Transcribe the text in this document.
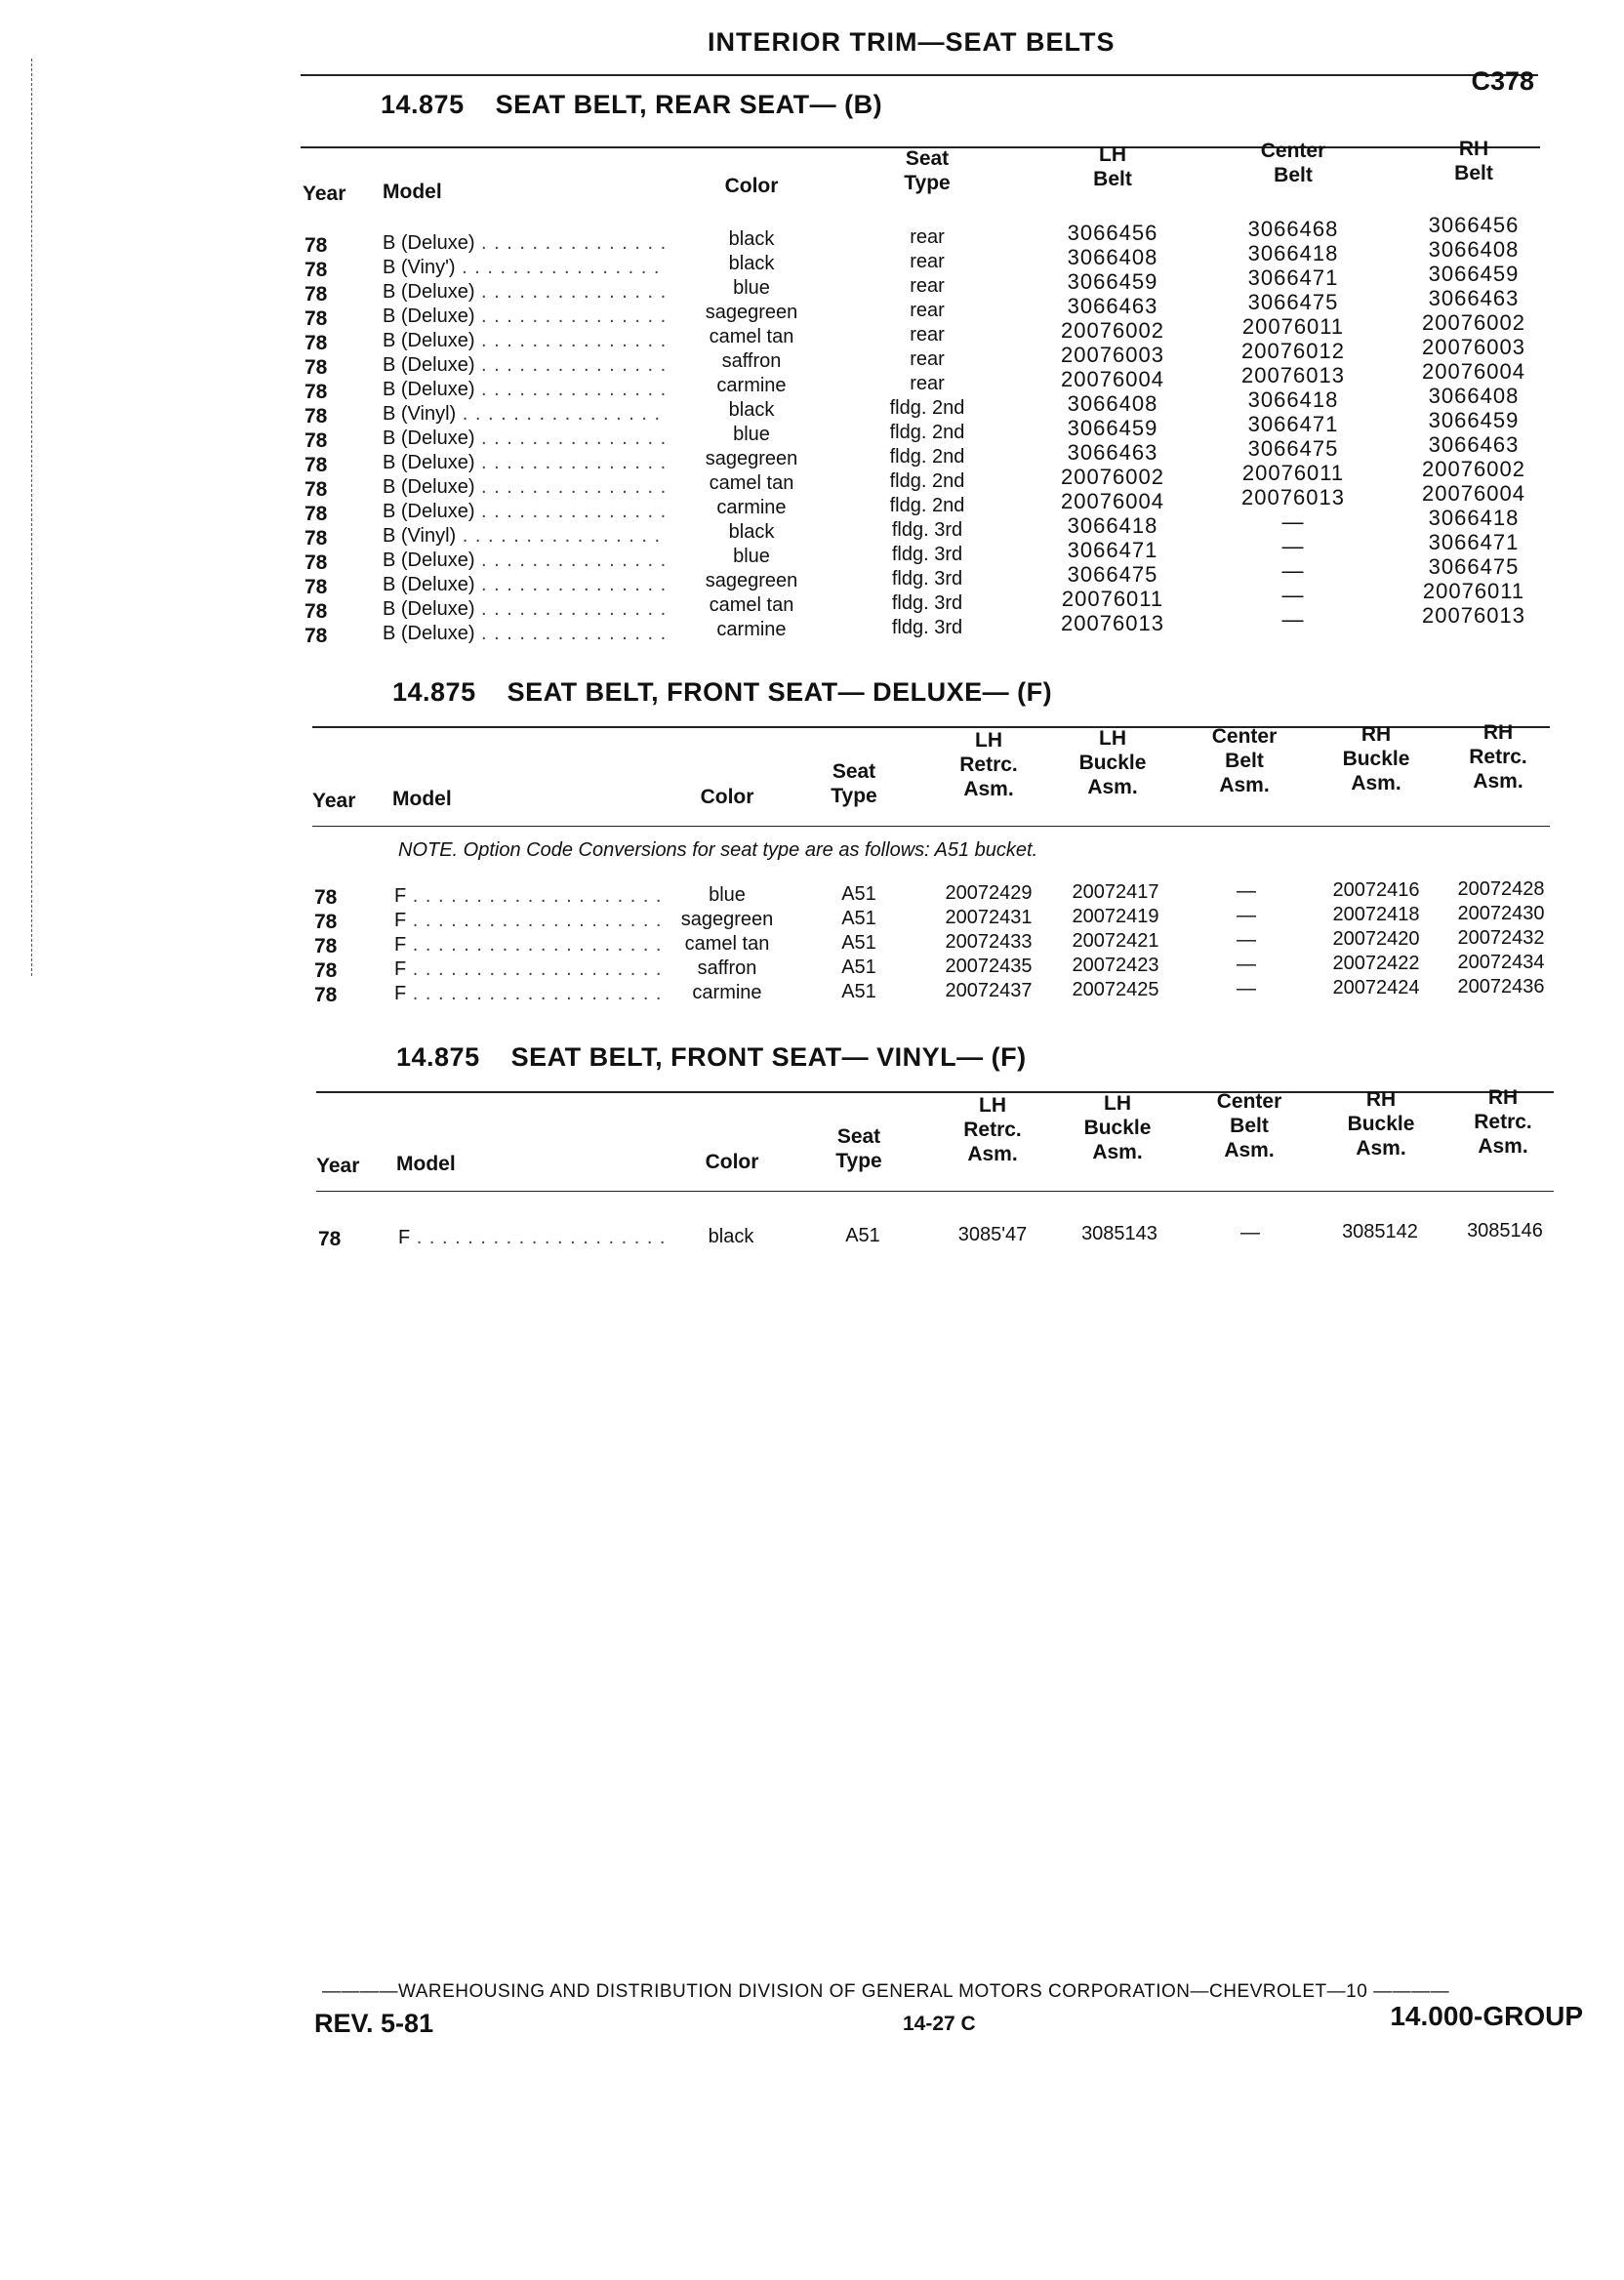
INTERIOR TRIM—SEAT BELTS
C378
14.875 SEAT BELT, REAR SEAT— (B)
Year Model	Color
Seat
Type
LH
Belt
Center
Belt
RH
Belt
78	B (Deluxe) . . .	black	rear	3066456	3066468	3066456
78	B (Viny') . . .	black	rear	3066408	3066418	3066408
78	B (Deluxe) . . .	blue	rear	3066459	3066471	3066459
78	B (Deluxe) . . .	sagegreen	rear	3066463	3066475	3066463
78	B (Deluxe) . . .	camel tan	rear	20076002	20076011	20076002
78	B (Deluxe) . . .	saffron	rear	20076003	20076012	20076003
78	B (Deluxe) . . .	carmine	rear	20076004	20076013	20076004
78	B (Vinyl) . . .	black	fldg. 2nd	3066408	3066418	3066408
78	B (Deluxe) . . .	blue	fldg. 2nd	3066459	3066471	3066459
78	B (Deluxe) . . .	sagegreen	fldg. 2nd	3066463	3066475	3066463
78	B (Deluxe) . . .	camel tan	fldg. 2nd	20076002	20076011	20076002
78	B (Deluxe) . . .	carmine	fldg. 2nd	20076004	20076013	20076004
78	B (Vinyl) . . .	black	fldg. 3rd	3066418	—	3066418
78	B (Deluxe) . . .	blue	fldg. 3rd	3066471	—	3066471
78	B (Deluxe) . . .	sagegreen	fldg. 3rd	3066475	—	3066475
78	B (Deluxe) . . .	camel tan	fldg. 3rd	20076011	—	20076011
78	B (Deluxe) . . .	carmine	fldg. 3rd	20076013	—	20076013
14.875 SEAT BELT, FRONT SEAT— DELUXE— (F)
Year Model	Color
Seat
Type
LH
Retrc.
Asm.
LH
Buckle
Asm.
Center
Belt
Asm.
RH
Buckle
Asm.
RH
Retrc.
Asm.
NOTE. Option Code Conversions for seat type are as follows: A51 bucket.
78	F . . .	blue	A51	20072429	20072417	—	20072416	20072428
78	F . . .	sagegreen	A51	20072431	20072419	—	20072418	20072430
78	F . . .	camel tan	A51	20072433	20072421	—	20072420	20072432
78	F . . .	saffron	A51	20072435	20072423	—	20072422	20072434
78	F . . .	carmine	A51	20072437	20072425	—	20072424	20072436
14.875 SEAT BELT, FRONT SEAT— VINYL— (F)
Year Model	Color
Seat
Type
LH
Retrc.
Asm.
LH
Buckle
Asm.
Center
Belt
Asm.
RH
Buckle
Asm.
RH
Retrc.
Asm.
78	F . . .	black	A51	3085'47	3085143	—	3085142	3085146
————WAREHOUSING AND DISTRIBUTION DIVISION OF GENERAL MOTORS CORPORATION—CHEVROLET—10 ————
REV. 5-81	14-27 C	14.000-GROUP
